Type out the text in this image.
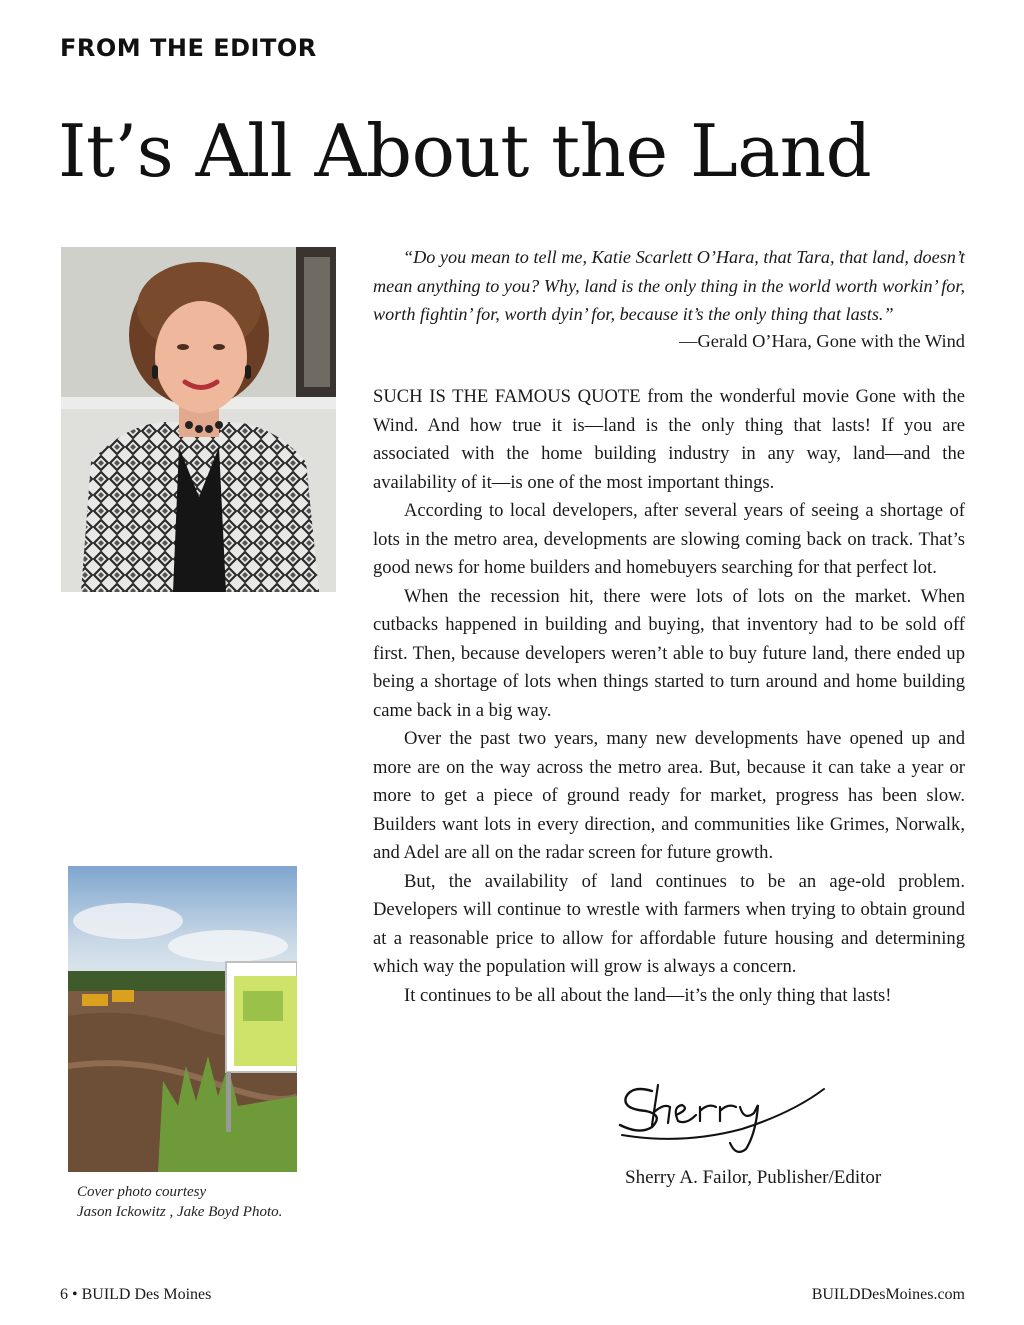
FROM THE EDITOR
It’s All About the Land
“Do you mean to tell me, Katie Scarlett O’Hara, that Tara, that land, doesn’t mean anything to you? Why, land is the only thing in the world worth workin’ for, worth fightin’ for, worth dyin’ for, because it’s the only thing that lasts.”
—Gerald O’Hara, Gone with the Wind

SUCH IS THE FAMOUS QUOTE from the wonderful movie Gone with the Wind. And how true it is—land is the only thing that lasts! If you are associated with the home building industry in any way, land—and the availability of it—is one of the most important things.

According to local developers, after several years of seeing a shortage of lots in the metro area, developments are slowing coming back on track. That’s good news for home builders and homebuyers searching for that perfect lot.

When the recession hit, there were lots of lots on the market. When cutbacks happened in building and buying, that inventory had to be sold off first. Then, because developers weren’t able to buy future land, there ended up being a shortage of lots when things started to turn around and home building came back in a big way.

Over the past two years, many new developments have opened up and more are on the way across the metro area. But, because it can take a year or more to get a piece of ground ready for market, progress has been slow. Builders want lots in every direction, and communities like Grimes, Norwalk, and Adel are all on the radar screen for future growth.

But, the availability of land continues to be an age-old problem. Developers will continue to wrestle with farmers when trying to obtain ground at a reasonable price to allow for affordable future housing and determining which way the population will grow is always a concern.

It continues to be all about the land—it’s the only thing that lasts!

Cover photo courtesy
Jason Ickowitz , Jake Boyd Photo.
Sherry A. Failor, Publisher/Editor
6 • BUILD Des Moines	BUILDDesMoines.com
